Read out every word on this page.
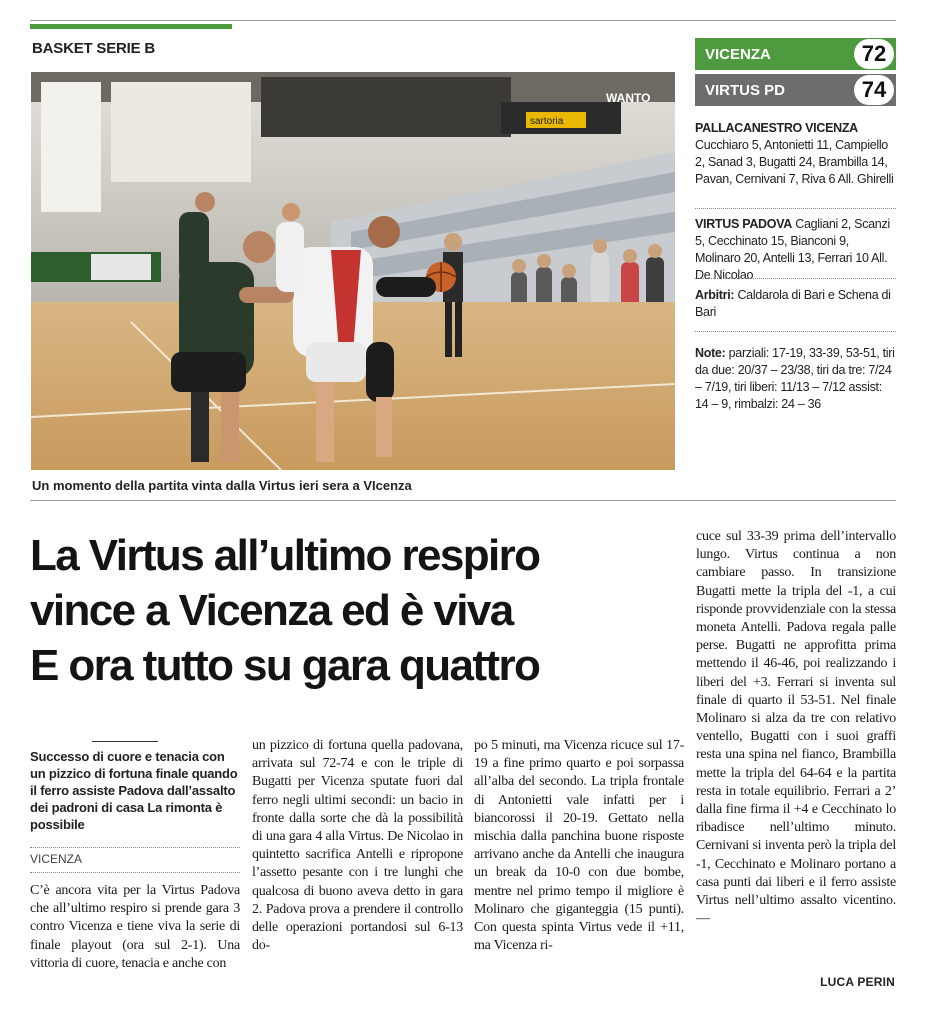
BASKET SERIE B
WANTO
sartoria
Un momento della partita vinta dalla Virtus ieri sera a VIcenza
VICENZA	72
VIRTUS PD	74
PALLACANESTRO VICENZA Cucchiaro 5, Antonietti 11, Campiello 2, Sanad 3, Bugatti 24, Brambilla 14, Pavan, Cernivani 7, Riva 6 All. Ghirelli
VIRTUS PADOVA Cagliani 2, Scanzi 5, Cecchinato 15, Bianconi 9, Molinaro 20, Antelli 13, Ferrari 10 All. De Nicolao
Arbitri: Caldarola di Bari e Schena di Bari
Note: parziali: 17-19, 33-39, 53-51, tiri da due: 20/37 – 23/38, tiri da tre: 7/24 – 7/19, tiri liberi: 11/13 – 7/12 assist: 14 – 9, rimbalzi: 24 – 36
La Virtus all’ultimo respiro
vince a Vicenza ed è viva
E ora tutto su gara quattro
Successo di cuore e tenacia con un pizzico di fortuna finale quando il ferro assiste Padova dall’assalto dei padroni di casa La rimonta è possibile
VICENZA
C’è ancora vita per la Virtus Padova che all’ultimo respiro si prende gara 3 contro Vicenza e tiene viva la serie di finale playout (ora sul 2-1). Una vittoria di cuore, tenacia e anche con
un pizzico di fortuna quella padovana, arrivata sul 72-74 e con le triple di Bugatti per Vicenza sputate fuori dal ferro negli ultimi secondi: un bacio in fronte dalla sorte che dà la possibilità di una gara 4 alla Virtus. De Nicolao in quintetto sacrifica Antelli e ripropone l’assetto pesante con i tre lunghi che qualcosa di buono aveva detto in gara 2. Padova prova a prendere il controllo delle operazioni portandosi sul 6-13 do-
po 5 minuti, ma Vicenza ricuce sul 17-19 a fine primo quarto e poi sorpassa all’alba del secondo. La tripla frontale di Antonietti vale infatti per i biancorossi il 20-19. Gettato nella mischia dalla panchina buone risposte arrivano anche da Antelli che inaugura un break da 10-0 con due bombe, mentre nel primo tempo il migliore è Molinaro che giganteggia (15 punti). Con questa spinta Virtus vede il +11, ma Vicenza ri-
cuce sul 33-39 prima dell’intervallo lungo. Virtus continua a non cambiare passo. In transizione Bugatti mette la tripla del -1, a cui risponde provvidenziale con la stessa moneta Antelli. Padova regala palle perse. Bugatti ne approfitta prima mettendo il 46-46, poi realizzando i liberi del +3. Ferrari si inventa sul finale di quarto il 53-51. Nel finale Molinaro si alza da tre con relativo ventello, Bugatti con i suoi graffi resta una spina nel fianco, Brambilla mette la tripla del 64-64 e la partita resta in totale equilibrio. Ferrari a 2’ dalla fine firma il +4 e Cecchinato lo ribadisce nell’ultimo minuto. Cernivani si inventa però la tripla del -1, Cecchinato e Molinaro portano a casa punti dai liberi e il ferro assiste Virtus nell’ultimo assalto vicentino. —
LUCA PERIN
